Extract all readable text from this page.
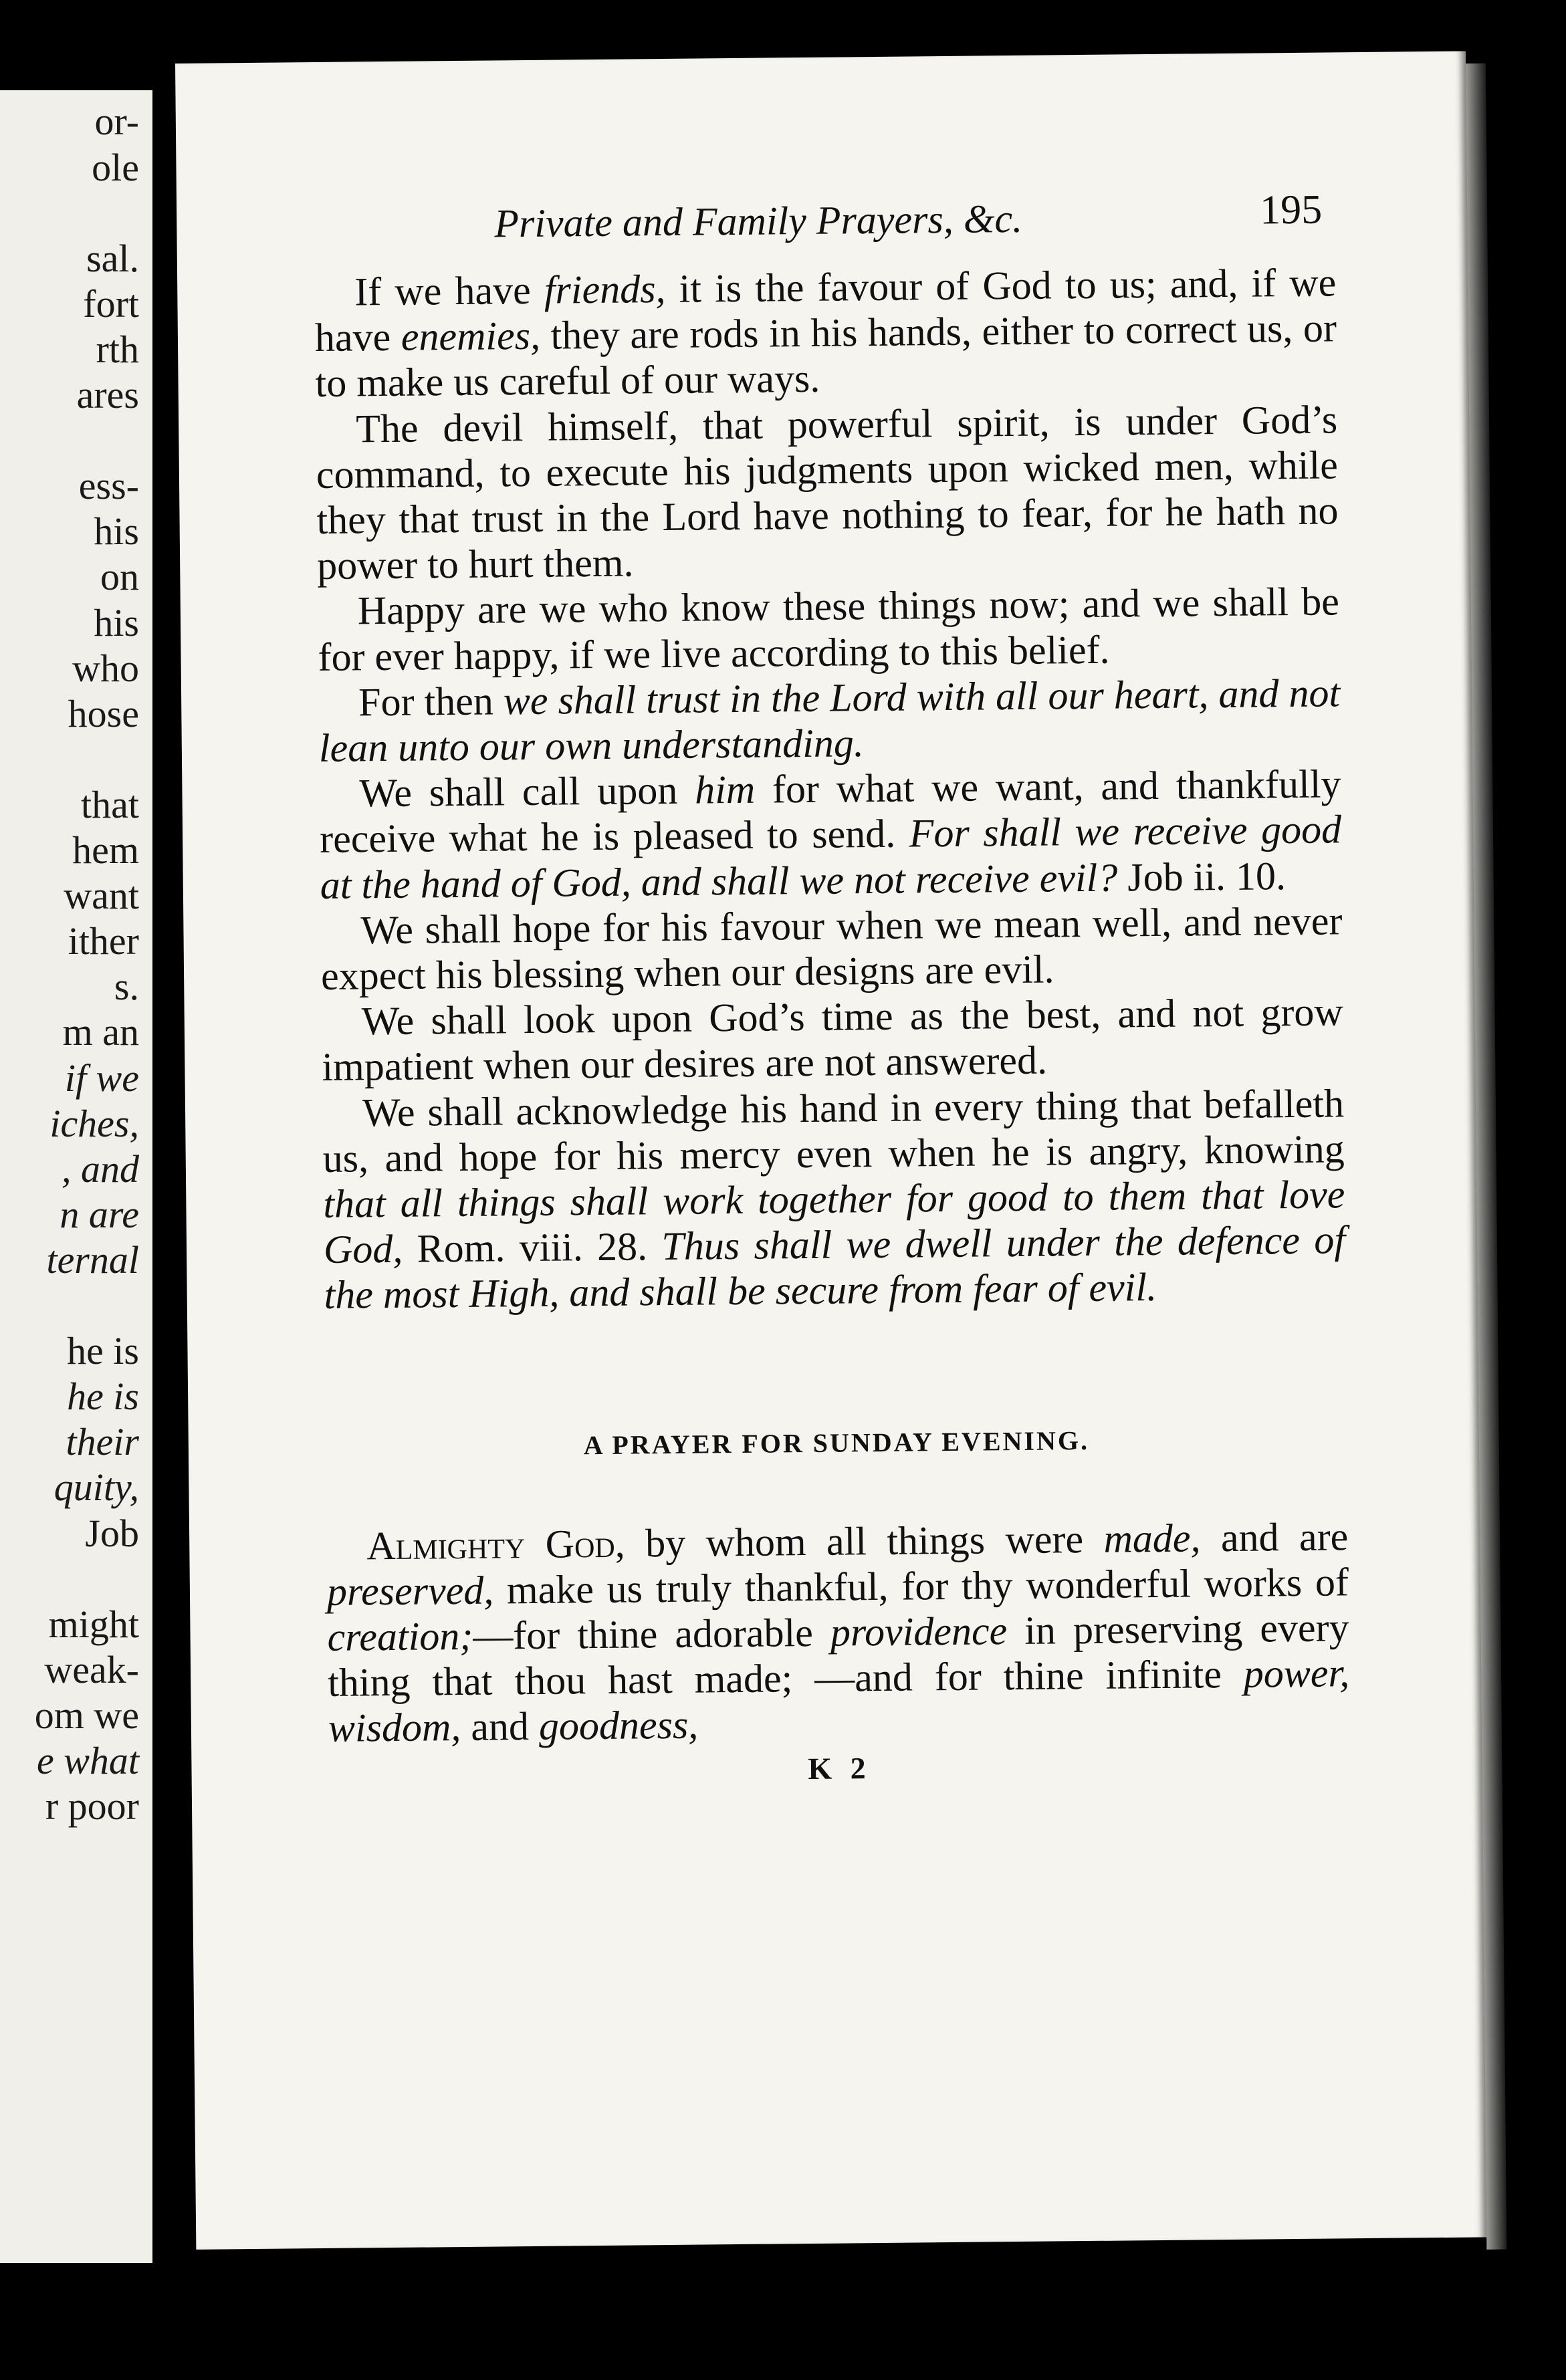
or-
ole
sal.
fort
rth
ares
ess-
his
on
his
who
hose
that
hem
want
ither
s.
m an
if we
iches,
, and
n are
ternal
he is
he is
their
quity,
Job
might
weak-
om we
e what
r poor
Private and Family Prayers, &c.	195

If we have friends, it is the favour of God to us; and, if we have enemies, they are rods in his hands, either to correct us, or to make us careful of our ways.

The devil himself, that powerful spirit, is under God’s command, to execute his judgments upon wicked men, while they that trust in the Lord have nothing to fear, for he hath no power to hurt them.

Happy are we who know these things now; and we shall be for ever happy, if we live according to this belief.

For then we shall trust in the Lord with all our heart, and not lean unto our own understanding.

We shall call upon him for what we want, and thankfully receive what he is pleased to send. For shall we receive good at the hand of God, and shall we not receive evil? Job ii. 10.

We shall hope for his favour when we mean well, and never expect his blessing when our designs are evil.

We shall look upon God’s time as the best, and not grow impatient when our desires are not answered.

We shall acknowledge his hand in every thing that befalleth us, and hope for his mercy even when he is angry, knowing that all things shall work together for good to them that love God, Rom. viii. 28. Thus shall we dwell under the defence of the most High, and shall be secure from fear of evil.

A PRAYER FOR SUNDAY EVENING.

Almighty God, by whom all things were made, and are preserved, make us truly thankful, for thy wonderful works of creation;—for thine adorable providence in preserving every thing that thou hast made; —and for thine infinite power, wisdom, and goodness,

K 2
